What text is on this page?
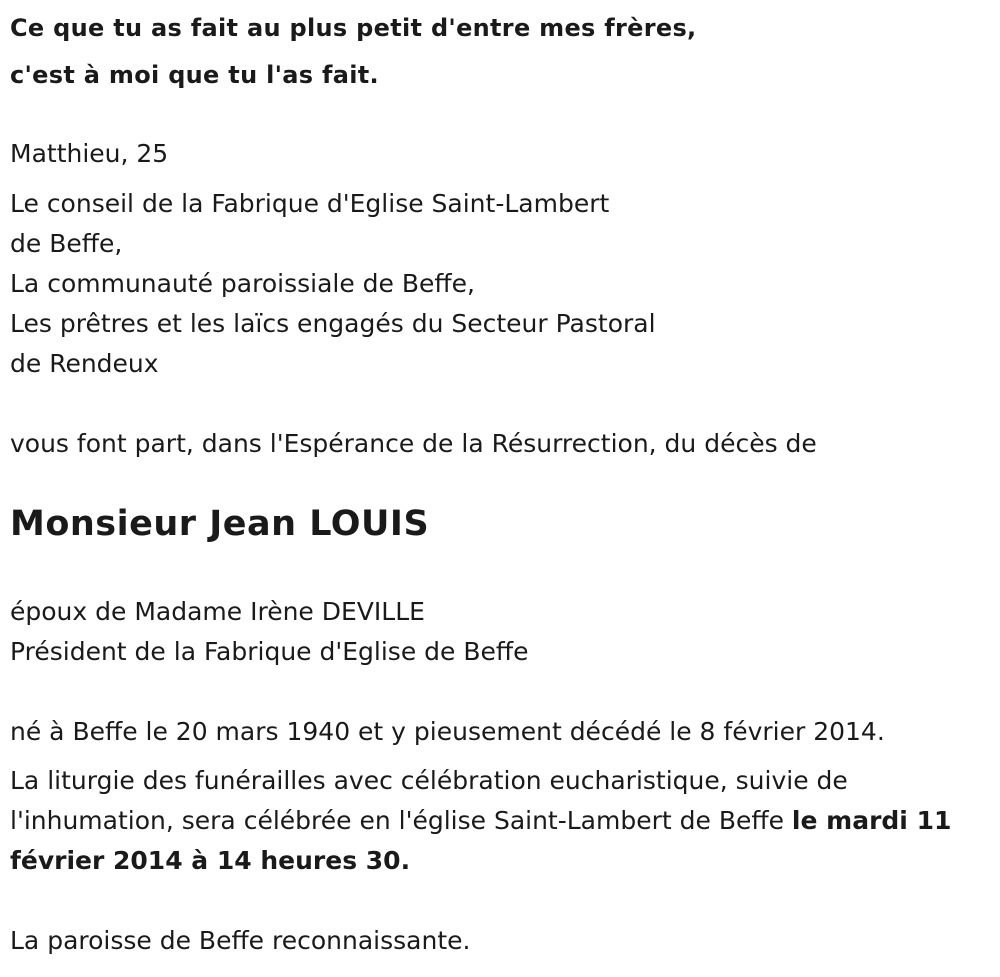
Ce que tu as fait au plus petit d'entre mes frères,
c'est à moi que tu l'as fait.
Matthieu, 25
Le conseil de la Fabrique d'Eglise Saint-Lambert
de Beffe,
La communauté paroissiale de Beffe,
Les prêtres et les laïcs engagés du Secteur Pastoral
de Rendeux
vous font part, dans l'Espérance de la Résurrection, du décès de
Monsieur Jean LOUIS
époux de Madame Irène DEVILLE
Président de la Fabrique d'Eglise de Beffe
né à Beffe le 20 mars 1940 et y pieusement décédé le 8 février 2014.
La liturgie des funérailles avec célébration eucharistique, suivie de
l'inhumation, sera célébrée en l'église Saint-Lambert de Beffe le mardi 11
février 2014 à 14 heures 30.
La paroisse de Beffe reconnaissante.
